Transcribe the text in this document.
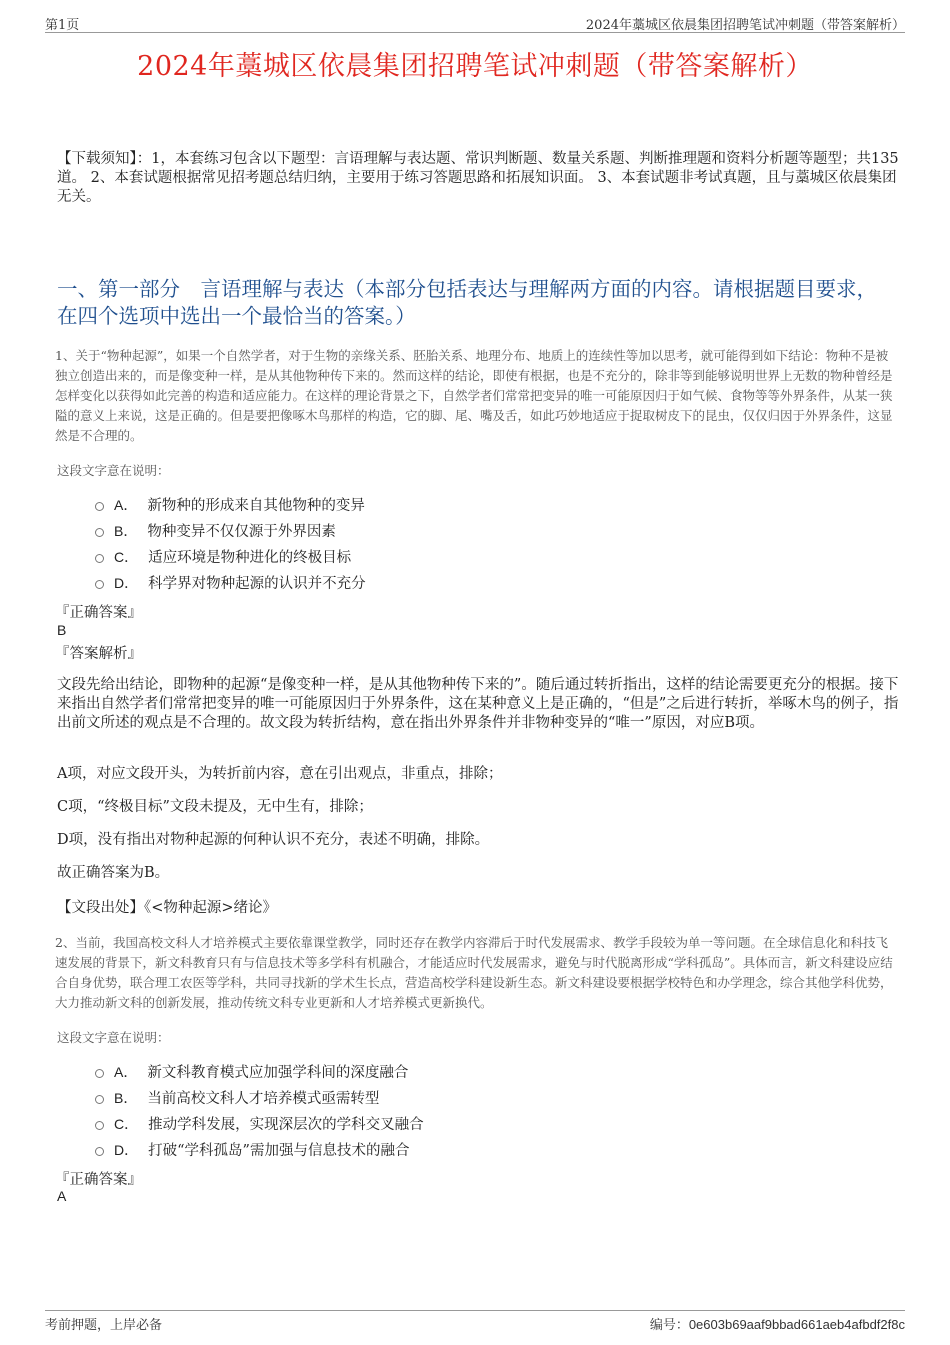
第1页	2024年藁城区依晨集团招聘笔试冲刺题（带答案解析）
2024年藁城区依晨集团招聘笔试冲刺题（带答案解析）
【下载须知】：1，本套练习包含以下题型：言语理解与表达题、常识判断题、数量关系题、判断推理题和资料分析题等题型；共135道。 2、本套试题根据常见招考题总结归纳，主要用于练习答题思路和拓展知识面。 3、本套试题非考试真题，且与藁城区依晨集团无关。
一、第一部分　言语理解与表达（本部分包括表达与理解两方面的内容。请根据题目要求，在四个选项中选出一个最恰当的答案。）
1、关于“物种起源”，如果一个自然学者，对于生物的亲缘关系、胚胎关系、地理分布、地质上的连续性等加以思考，就可能得到如下结论：物种不是被独立创造出来的，而是像变种一样，是从其他物种传下来的。然而这样的结论，即使有根据，也是不充分的，除非等到能够说明世界上无数的物种曾经是怎样变化以获得如此完善的构造和适应能力。在这样的理论背景之下，自然学者们常常把变异的唯一可能原因归于如气候、食物等等外界条件，从某一狭隘的意义上来说，这是正确的。但是要把像啄木鸟那样的构造，它的脚、尾、嘴及舌，如此巧妙地适应于捉取树皮下的昆虫，仅仅归因于外界条件，这显然是不合理的。
这段文字意在说明：
A． 新物种的形成来自其他物种的变异
B． 物种变异不仅仅源于外界因素
C． 适应环境是物种进化的终极目标
D． 科学界对物种起源的认识并不充分
『正确答案』
B
『答案解析』
文段先给出结论，即物种的起源“是像变种一样，是从其他物种传下来的”。随后通过转折指出，这样的结论需要更充分的根据。接下来指出自然学者们常常把变异的唯一可能原因归于外界条件，这在某种意义上是正确的，“但是”之后进行转折，举啄木鸟的例子，指出前文所述的观点是不合理的。故文段为转折结构，意在指出外界条件并非物种变异的“唯一”原因，对应B项。
A项，对应文段开头，为转折前内容，意在引出观点，非重点，排除；
C项，“终极目标”文段未提及，无中生有，排除；
D项，没有指出对物种起源的何种认识不充分，表述不明确，排除。
故正确答案为B。
【文段出处】《<物种起源>绪论》
2、当前，我国高校文科人才培养模式主要依靠课堂教学，同时还存在教学内容滞后于时代发展需求、教学手段较为单一等问题。在全球信息化和科技飞速发展的背景下，新文科教育只有与信息技术等多学科有机融合，才能适应时代发展需求，避免与时代脱离形成“学科孤岛”。具体而言，新文科建设应结合自身优势，联合理工农医等学科，共同寻找新的学术生长点，营造高校学科建设新生态。新文科建设要根据学校特色和办学理念，综合其他学科优势，大力推动新文科的创新发展，推动传统文科专业更新和人才培养模式更新换代。
这段文字意在说明：
A． 新文科教育模式应加强学科间的深度融合
B． 当前高校文科人才培养模式亟需转型
C． 推动学科发展，实现深层次的学科交叉融合
D． 打破“学科孤岛”需加强与信息技术的融合
『正确答案』
A
考前押题，上岸必备	编号：0e603b69aaf9bbad661aeb4afbdf2f8c
